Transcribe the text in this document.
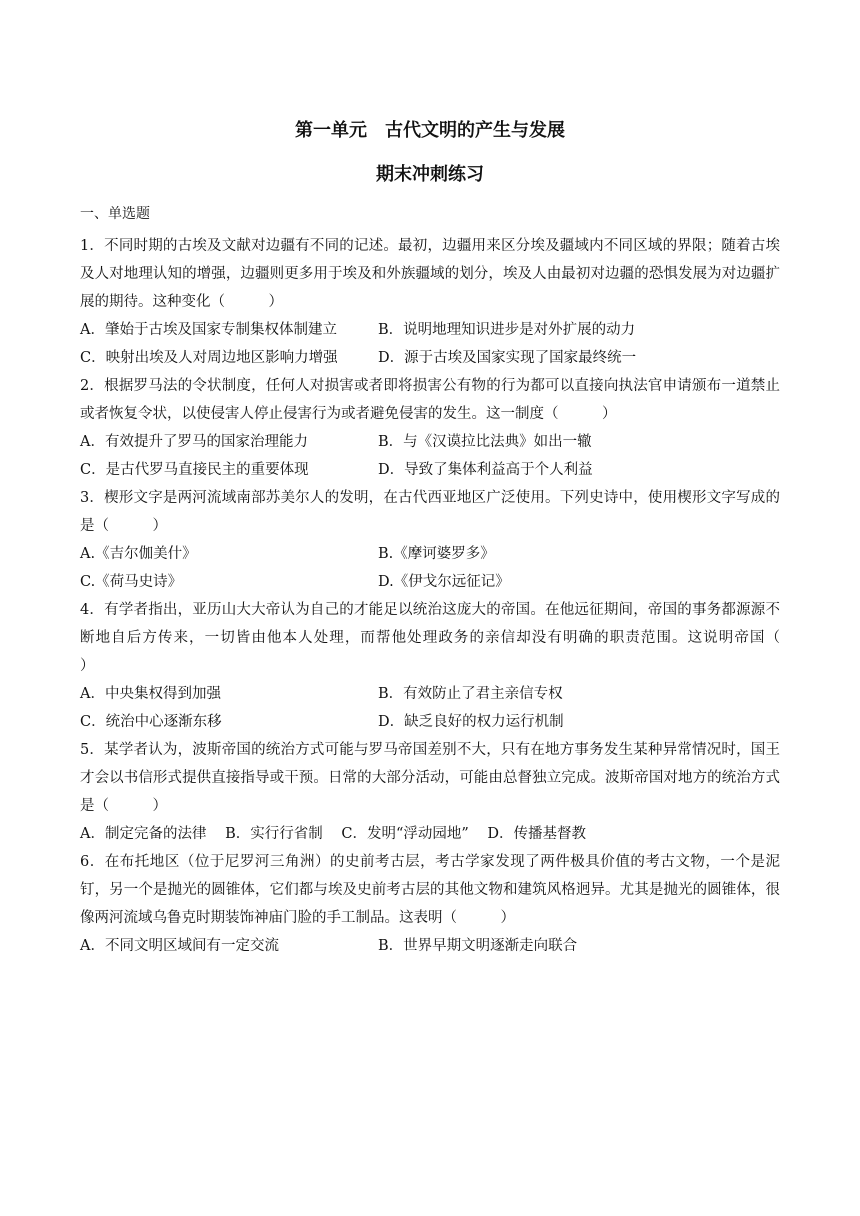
第一单元　古代文明的产生与发展
期末冲刺练习
一、单选题

1．不同时期的古埃及文献对边疆有不同的记述。最初，边疆用来区分埃及疆域内不同区域的界限；随着古埃及人对地理认知的增强，边疆则更多用于埃及和外族疆域的划分，埃及人由最初对边疆的恐惧发展为对边疆扩展的期待。这种变化（　　　）

A．肇始于古埃及国家专制集权体制建立	B．说明地理知识进步是对外扩展的动力
C．映射出埃及人对周边地区影响力增强	D．源于古埃及国家实现了国家最终统一

2．根据罗马法的令状制度，任何人对损害或者即将损害公有物的行为都可以直接向执法官申请颁布一道禁止或者恢复令状，以使侵害人停止侵害行为或者避免侵害的发生。这一制度（　　　）

A．有效提升了罗马的国家治理能力	B．与《汉谟拉比法典》如出一辙
C．是古代罗马直接民主的重要体现	D．导致了集体利益高于个人利益

3．楔形文字是两河流域南部苏美尔人的发明，在古代西亚地区广泛使用。下列史诗中，使用楔形文字写成的是（　　　）

A.《吉尔伽美什》	B.《摩诃婆罗多》
C.《荷马史诗》	D.《伊戈尔远征记》

4．有学者指出，亚历山大大帝认为自己的才能足以统治这庞大的帝国。在他远征期间，帝国的事务都源源不断地自后方传来，一切皆由他本人处理，而帮他处理政务的亲信却没有明确的职责范围。这说明帝国（　　　）

A．中央集权得到加强	B．有效防止了君主亲信专权
C．统治中心逐渐东移	D．缺乏良好的权力运行机制

5．某学者认为，波斯帝国的统治方式可能与罗马帝国差别不大，只有在地方事务发生某种异常情况时，国王才会以书信形式提供直接指导或干预。日常的大部分活动，可能由总督独立完成。波斯帝国对地方的统治方式是（　　　）

A．制定完备的法律 B．实行行省制 C．发明“浮动园地” D．传播基督教

6．在布托地区（位于尼罗河三角洲）的史前考古层，考古学家发现了两件极具价值的考古文物，一个是泥钉，另一个是抛光的圆锥体，它们都与埃及史前考古层的其他文物和建筑风格迥异。尤其是抛光的圆锥体，很像两河流域乌鲁克时期装饰神庙门脸的手工制品。这表明（　　　）

A．不同文明区域间有一定交流	B．世界早期文明逐渐走向联合
